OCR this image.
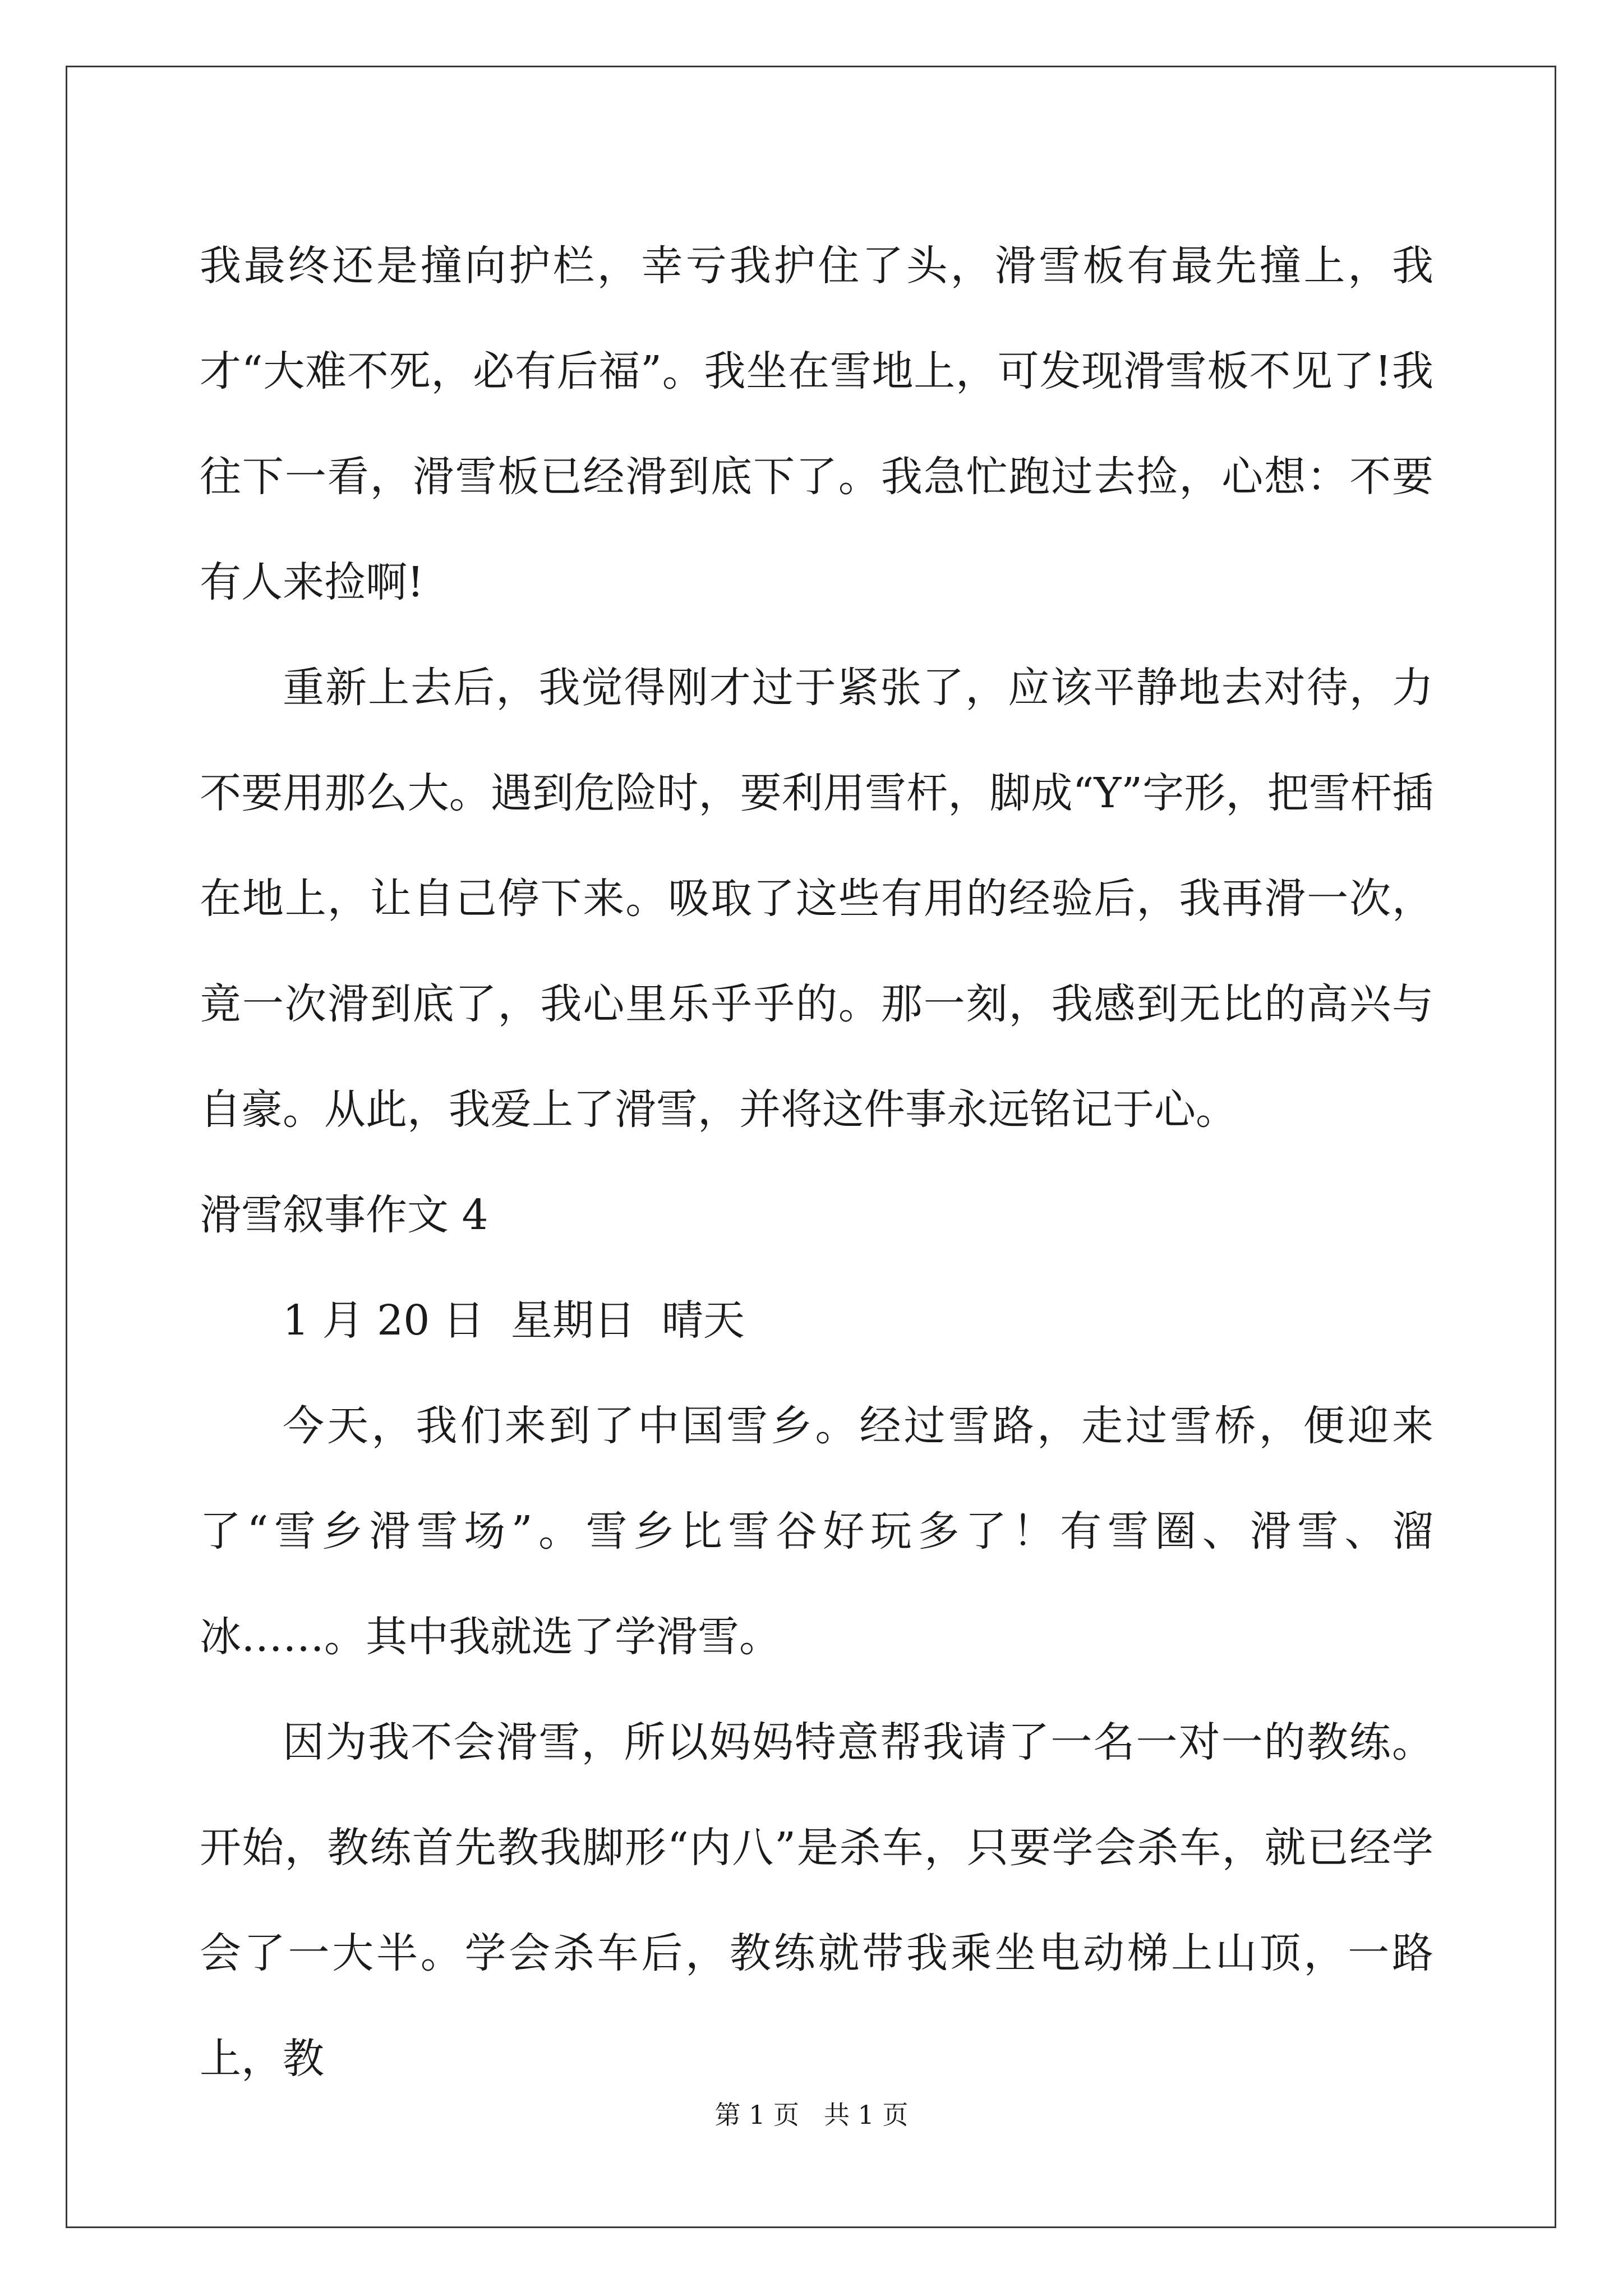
我最终还是撞向护栏，幸亏我护住了头，滑雪板有最先撞上，我才“大难不死，必有后福”。我坐在雪地上，可发现滑雪板不见了!我往下一看，滑雪板已经滑到底下了。我急忙跑过去捡，心想：不要有人来捡啊!

重新上去后，我觉得刚才过于紧张了，应该平静地去对待，力不要用那么大。遇到危险时，要利用雪杆，脚成“Y”字形，把雪杆插在地上，让自己停下来。吸取了这些有用的经验后，我再滑一次，竟一次滑到底了，我心里乐乎乎的。那一刻，我感到无比的高兴与自豪。从此，我爱上了滑雪，并将这件事永远铭记于心。

滑雪叙事作文 4

1 月 20 日  星期日  晴天

今天，我们来到了中国雪乡。经过雪路，走过雪桥，便迎来了“雪乡滑雪场”。雪乡比雪谷好玩多了！有雪圈、滑雪、溜冰……。其中我就选了学滑雪。

因为我不会滑雪，所以妈妈特意帮我请了一名一对一的教练。开始，教练首先教我脚形“内八”是杀车，只要学会杀车，就已经学会了一大半。学会杀车后，教练就带我乘坐电动梯上山顶，一路上，教

第 1 页 共 1 页
